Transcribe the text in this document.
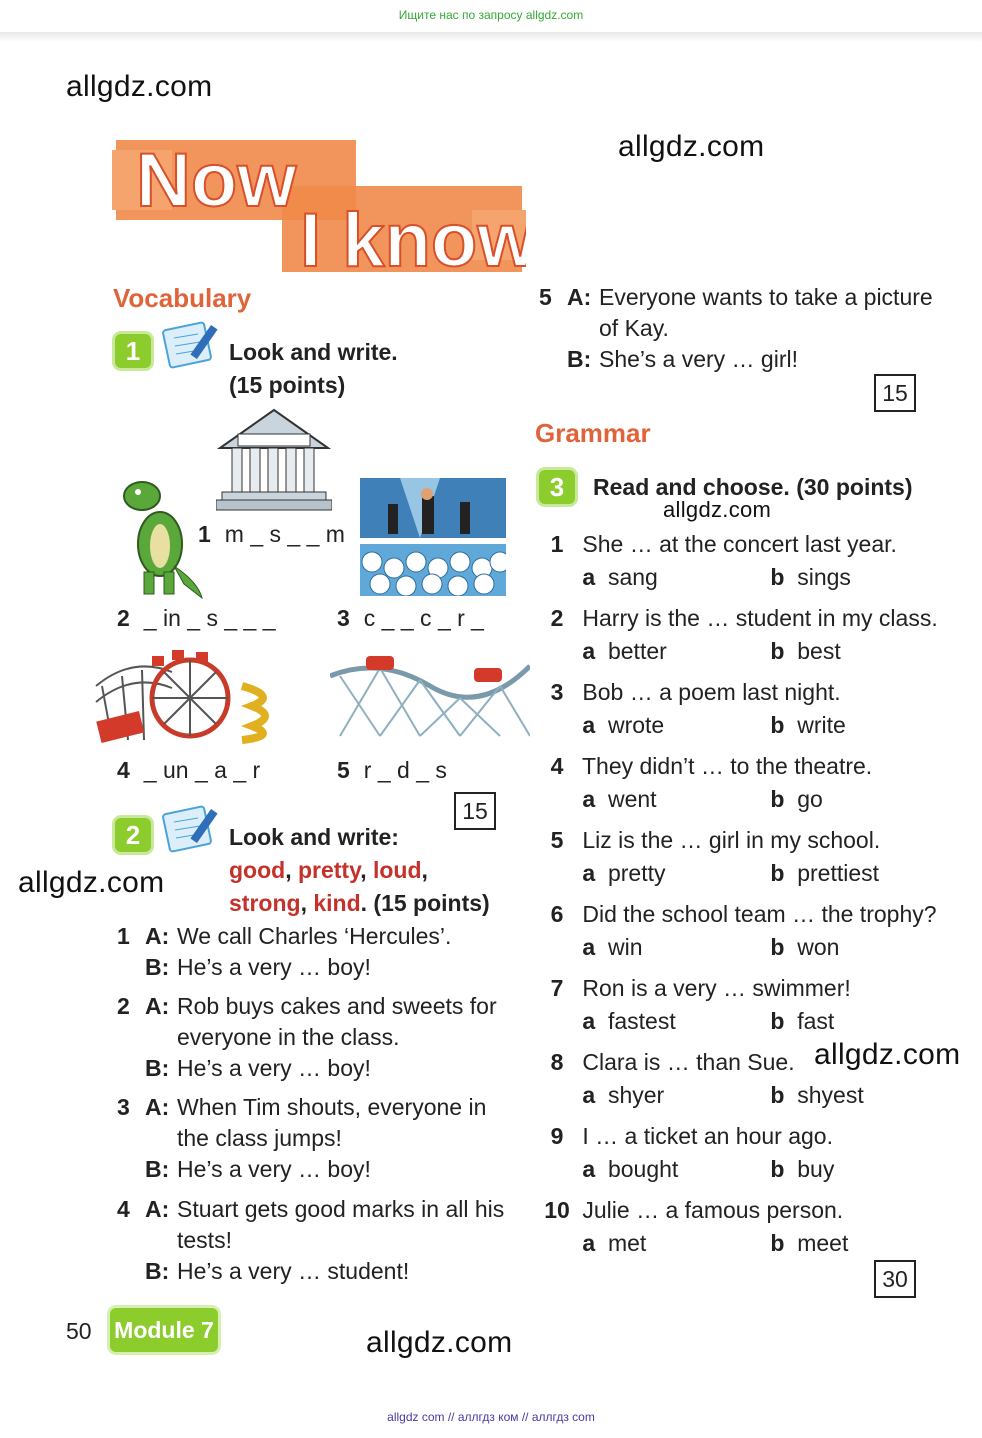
Ищите нас по запросу allgdz.com
allgdz.com
allgdz.com
allgdz.com
allgdz.com
allgdz.com
allgdz.com
Now
I know
Vocabulary
1	Look and write.
(15 points)
1 m _ s _ _ m
2 _ in _ s _ _ _	3 c _ _ c _ r _
4 _ un _ a _ r	5 r _ d _ s
15
2	Look and write:
good, pretty, loud,
strong, kind. (15 points)
1 A: We call Charles ‘Hercules’.
B: He’s a very … boy!
2 A: Rob buys cakes and sweets for
everyone in the class.
B: He’s a very … boy!
3 A: When Tim shouts, everyone in
the class jumps!
B: He’s a very … boy!
4 A: Stuart gets good marks in all his
tests!
B: He’s a very … student!
5 A: Everyone wants to take a picture
of Kay.
B: She’s a very … girl!
15
Grammar
3	Read and choose. (30 points)
1 She … at the concert last year.
a sang	b sings
2 Harry is the … student in my class.
a better	b best
3 Bob … a poem last night.
a wrote	b write
4 They didn’t … to the theatre.
a went	b go
5 Liz is the … girl in my school.
a pretty	b prettiest
6 Did the school team … the trophy?
a win	b won
7 Ron is a very … swimmer!
a fastest	b fast
8 Clara is … than Sue.
a shyer	b shyest
9 I … a ticket an hour ago.
a bought	b buy
10 Julie … a famous person.
a met	b meet
30
50 Module 7
allgdz com // аллгдз ком // аллгдз com
